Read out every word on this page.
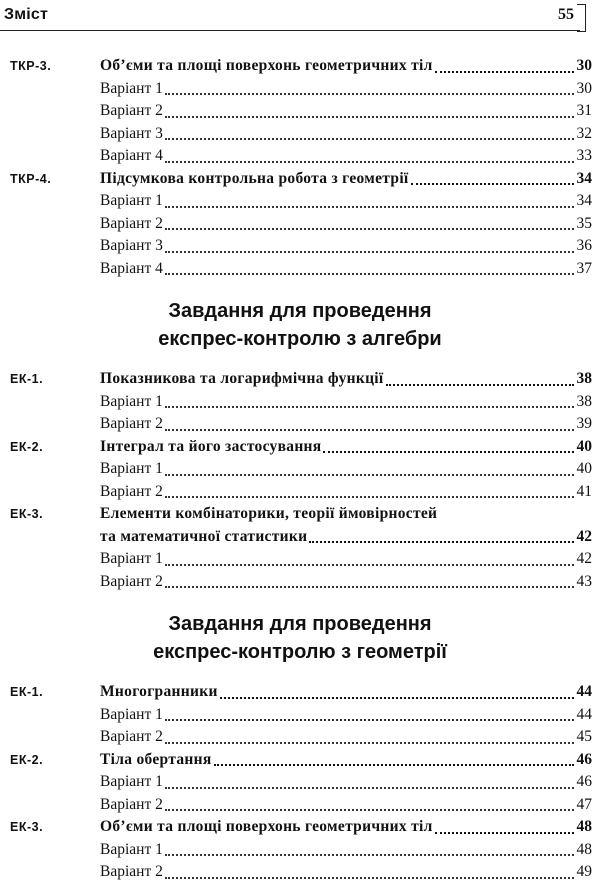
Зміст	55
ТКР-3.	Об’єми та площі поверхонь геометричних тіл	30
Варіант 1	30
Варіант 2	31
Варіант 3	32
Варіант 4	33
ТКР-4.	Підсумкова контрольна робота з геометрії	34
Варіант 1	34
Варіант 2	35
Варіант 3	36
Варіант 4	37
Завдання для проведення
експрес-контролю з алгебри
ЕК-1.	Показникова та логарифмічна функції	38
Варіант 1	38
Варіант 2	39
ЕК-2.	Інтеграл та його застосування	40
Варіант 1	40
Варіант 2	41
ЕК-3.	Елементи комбінаторики, теорії ймовірностей
та математичної статистики	42
Варіант 1	42
Варіант 2	43
Завдання для проведення
експрес-контролю з геометрії
ЕК-1.	Многогранники	44
Варіант 1	44
Варіант 2	45
ЕК-2.	Тіла обертання	46
Варіант 1	46
Варіант 2	47
ЕК-3.	Об’єми та площі поверхонь геометричних тіл	48
Варіант 1	48
Варіант 2	49
